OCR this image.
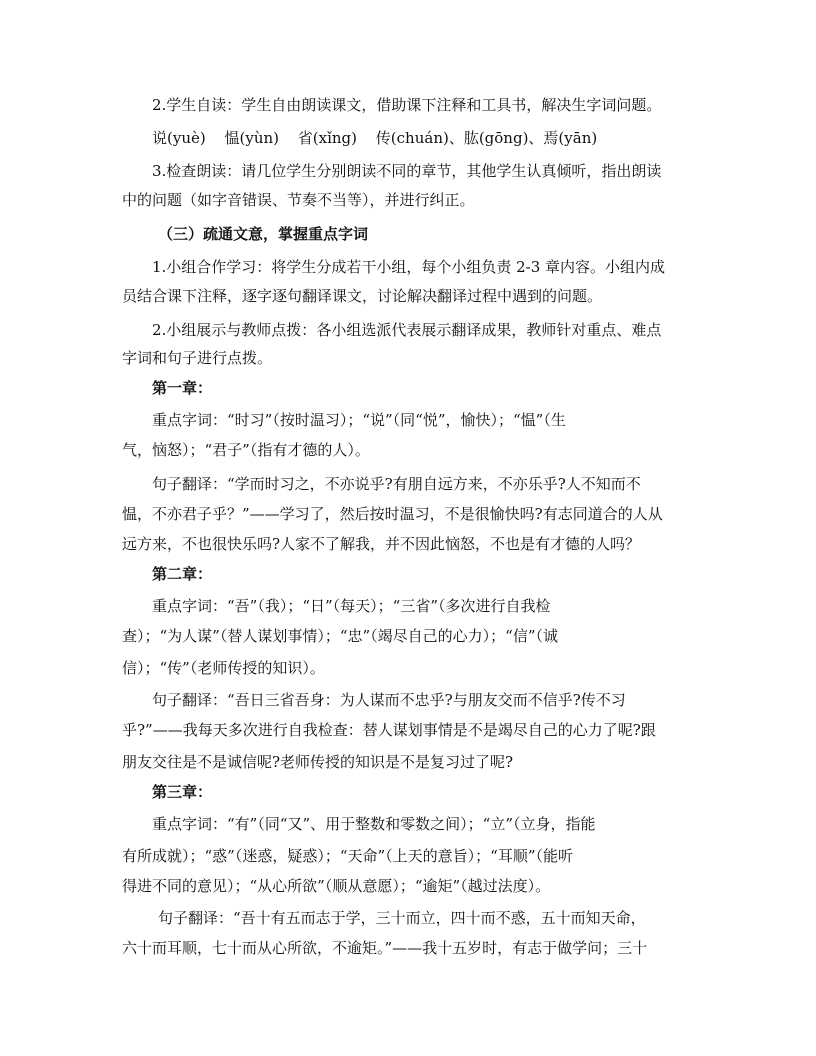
2.学生自读：学生自由朗读课文，借助课下注释和工具书，解决生字词问题。
说(yuè) 愠(yùn) 省(xǐng) 传(chuán)、肱(gōng)、焉(yān)
3.检查朗读：请几位学生分别朗读不同的章节，其他学生认真倾听，指出朗读
中的问题（如字音错误、节奏不当等），并进行纠正。
（三）疏通文意，掌握重点字词
1.小组合作学习：将学生分成若干小组，每个小组负责 2-3 章内容。小组内成
员结合课下注释，逐字逐句翻译课文，讨论解决翻译过程中遇到的问题。
2.小组展示与教师点拨：各小组选派代表展示翻译成果，教师针对重点、难点
字词和句子进行点拨。
第一章：
重点字词：“时习”（按时温习）；“说”（同“悦”，愉快）；“愠”（生
气，恼怒）；“君子”（指有才德的人）。
句子翻译：“学而时习之，不亦说乎?有朋自远方来，不亦乐乎?人不知而不
愠，不亦君子乎？”——学习了，然后按时温习，不是很愉快吗?有志同道合的人从
远方来，不也很快乐吗?人家不了解我，并不因此恼怒，不也是有才德的人吗？
第二章：
重点字词：“吾”（我）；“日”（每天）；“三省”（多次进行自我检
查）；“为人谋”（替人谋划事情）；“忠”（竭尽自己的心力）；“信”（诚
信）；“传”（老师传授的知识）。
句子翻译：“吾日三省吾身：为人谋而不忠乎?与朋友交而不信乎?传不习
乎?”——我每天多次进行自我检查：替人谋划事情是不是竭尽自己的心力了呢?跟
朋友交往是不是诚信呢?老师传授的知识是不是复习过了呢?
第三章：
重点字词：“有”（同“又”、用于整数和零数之间）；“立”（立身，指能
有所成就）；“惑”（迷惑，疑惑）；“天命”（上天的意旨）；“耳顺”（能听
得进不同的意见）；“从心所欲”（顺从意愿）；“逾矩”（越过法度）。
句子翻译：“吾十有五而志于学，三十而立，四十而不惑，五十而知天命，
六十而耳顺，七十而从心所欲，不逾矩。”——我十五岁时，有志于做学问；三十
